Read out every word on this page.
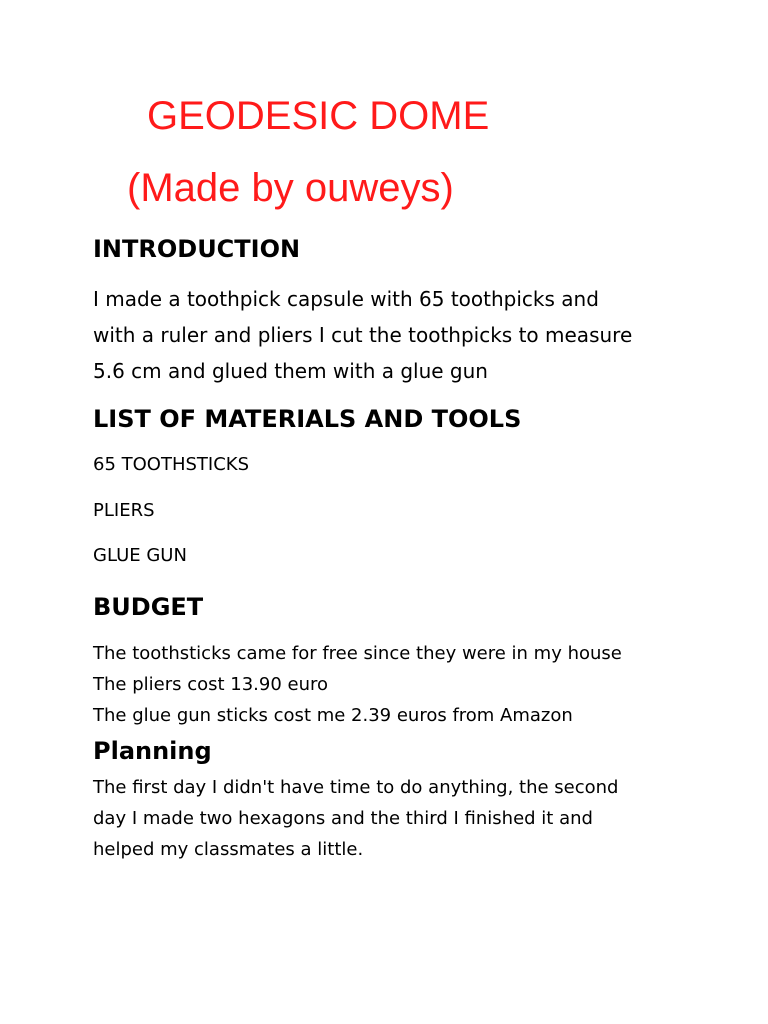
GEODESIC DOME
(Made by ouweys)
INTRODUCTION
I made a toothpick capsule with 65 toothpicks and
with a ruler and pliers I cut the toothpicks to measure
5.6 cm and glued them with a glue gun
LIST OF MATERIALS AND TOOLS
65 TOOTHSTICKS
PLIERS
GLUE GUN
BUDGET
The toothsticks came for free since they were in my house
The pliers cost 13.90 euro
The glue gun sticks cost me 2.39 euros from Amazon
Planning
The first day I didn't have time to do anything, the second
day I made two hexagons and the third I finished it and
helped my classmates a little.
